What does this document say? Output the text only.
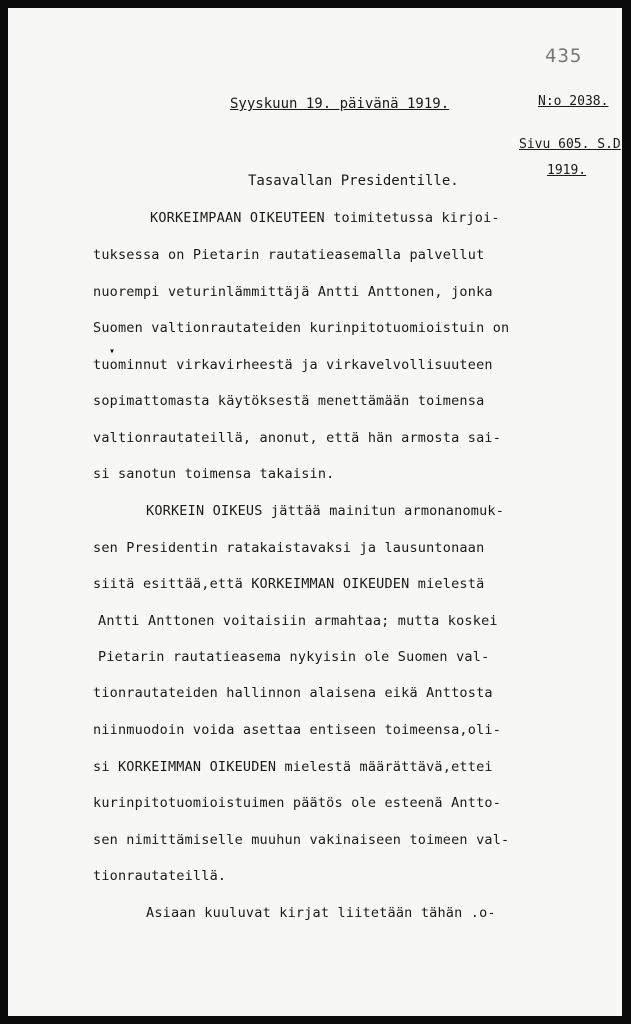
435
Syyskuun 19. päivänä 1919.	N:o 2038.
Sivu 605. S.D
1919.
Tasavallan Presidentille.
▾
KORKEIMPAAN OIKEUTEEN toimitetussa kirjoi-
tuksessa on Pietarin rautatieasemalla palvellut
nuorempi veturinlämmittäjä Antti Anttonen, jonka
Suomen valtionrautateiden kurinpitotuomioistuin on
tuominnut virkavirheestä ja virkavelvollisuuteen
sopimattomasta käytöksestä menettämään toimensa
valtionrautateillä, anonut, että hän armosta sai-
si sanotun toimensa takaisin.
KORKEIN OIKEUS jättää mainitun armonanomuk-
sen Presidentin ratakaistavaksi ja lausuntonaan
siitä esittää,että KORKEIMMAN OIKEUDEN mielestä
Antti Anttonen voitaisiin armahtaa; mutta koskei
Pietarin rautatieasema nykyisin ole Suomen val-
tionrautateiden hallinnon alaisena eikä Anttosta
niinmuodoin voida asettaa entiseen toimeensa,oli-
si KORKEIMMAN OIKEUDEN mielestä määrättävä,ettei
kurinpitotuomioistuimen päätös ole esteenä Antto-
sen nimittämiselle muuhun vakinaiseen toimeen val-
tionrautateillä.
Asiaan kuuluvat kirjat liitetään tähän .o-
